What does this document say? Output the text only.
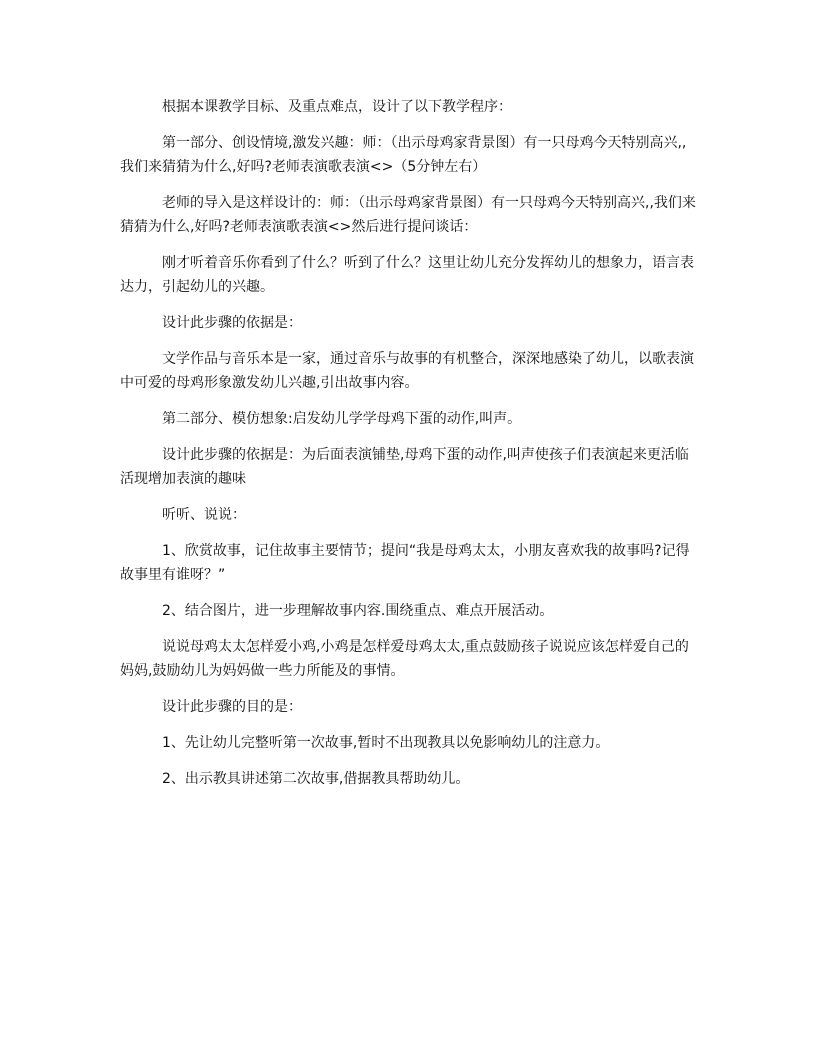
根据本课教学目标、及重点难点，设计了以下教学程序：

第一部分、创设情境,激发兴趣：师：（出示母鸡家背景图）有一只母鸡今天特别高兴,,我们来猜猜为什么,好吗?老师表演歌表演<>（5分钟左右）

老师的导入是这样设计的：师：（出示母鸡家背景图）有一只母鸡今天特别高兴,,我们来猜猜为什么,好吗?老师表演歌表演<>然后进行提问谈话：

刚才听着音乐你看到了什么？听到了什么？这里让幼儿充分发挥幼儿的想象力，语言表达力，引起幼儿的兴趣。

设计此步骤的依据是：

文学作品与音乐本是一家，通过音乐与故事的有机整合，深深地感染了幼儿，以歌表演中可爱的母鸡形象激发幼儿兴趣,引出故事内容。

第二部分、模仿想象:启发幼儿学学母鸡下蛋的动作,叫声。

设计此步骤的依据是：为后面表演铺垫,母鸡下蛋的动作,叫声使孩子们表演起来更活临活现增加表演的趣味

听听、说说：

1、欣赏故事，记住故事主要情节；提问“我是母鸡太太，小朋友喜欢我的故事吗?记得故事里有谁呀？”

2、结合图片，进一步理解故事内容.围绕重点、难点开展活动。

说说母鸡太太怎样爱小鸡,小鸡是怎样爱母鸡太太,重点鼓励孩子说说应该怎样爱自己的妈妈,鼓励幼儿为妈妈做一些力所能及的事情。

设计此步骤的目的是：

1、先让幼儿完整听第一次故事,暂时不出现教具以免影响幼儿的注意力。

2、出示教具讲述第二次故事,借据教具帮助幼儿。
